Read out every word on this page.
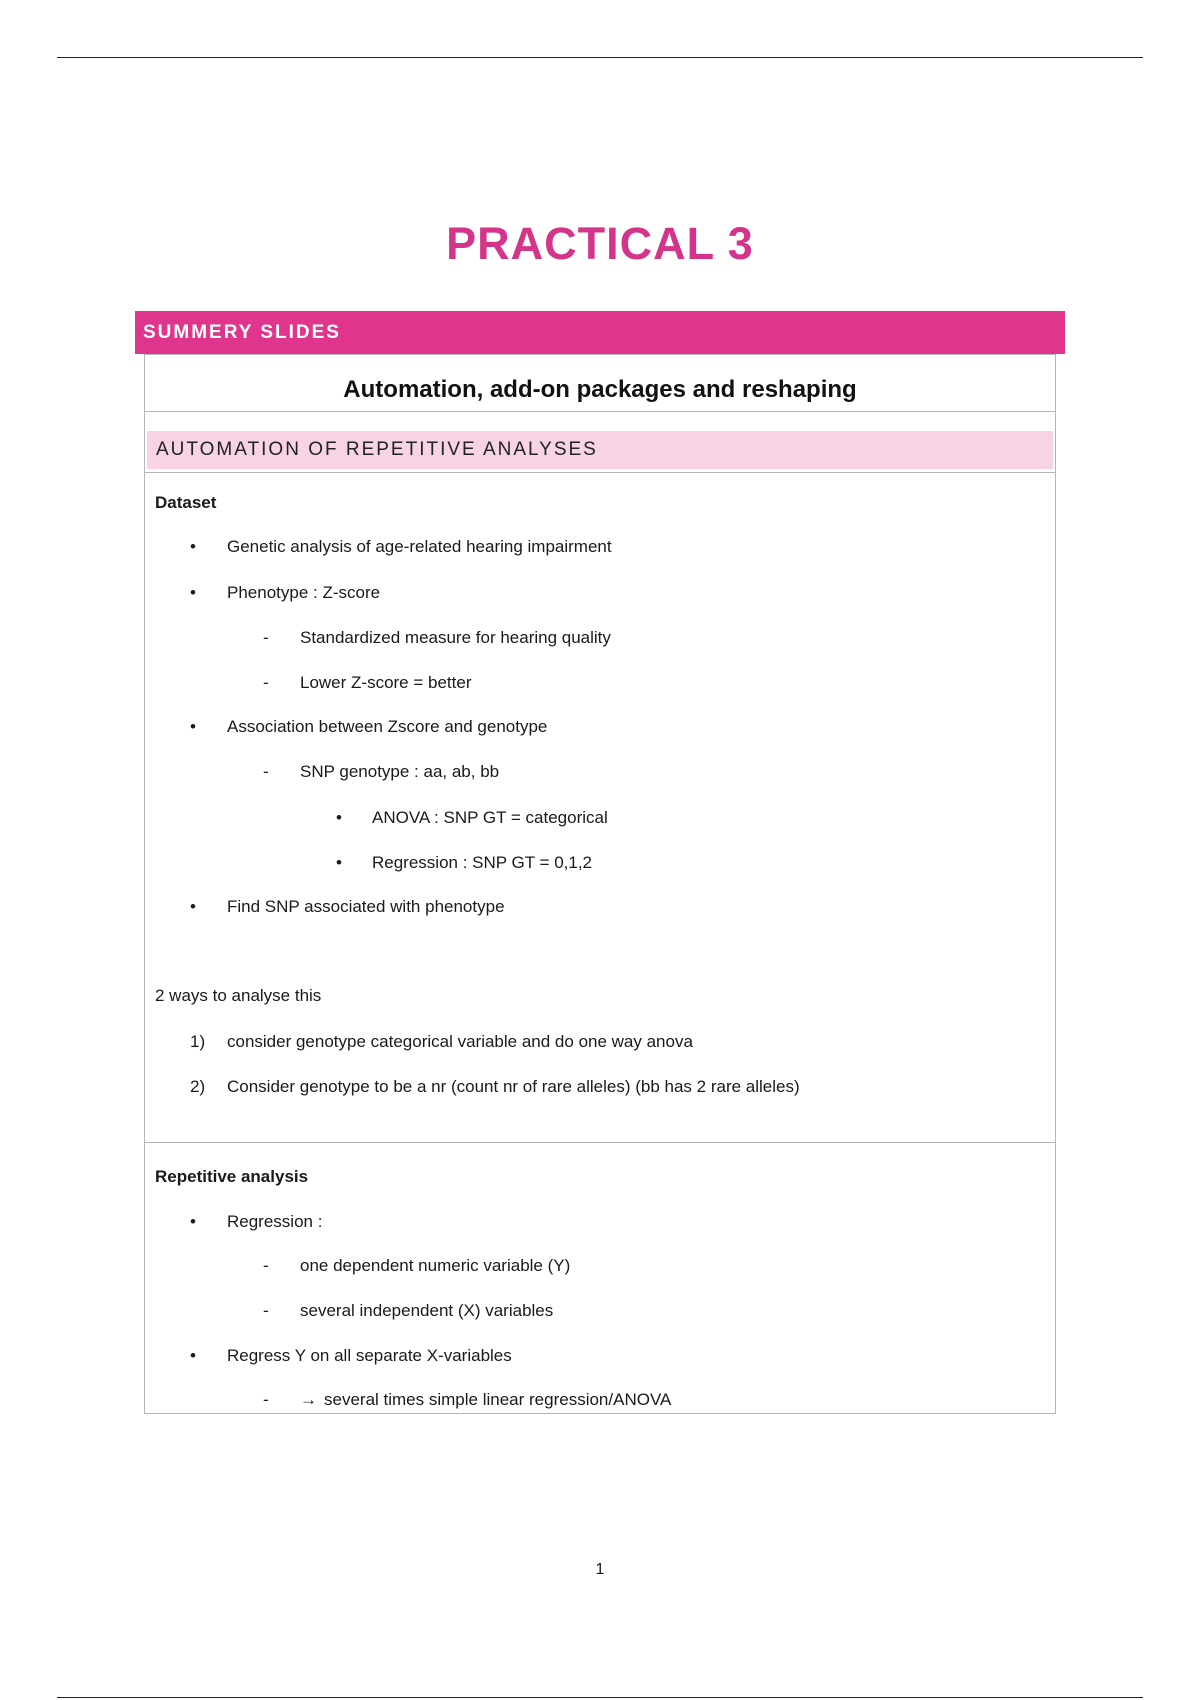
PRACTICAL 3
SUMMERY SLIDES
Automation, add-on packages and reshaping
AUTOMATION OF REPETITIVE ANALYSES
Dataset
• Genetic analysis of age-related hearing impairment
• Phenotype : Z-score
- Standardized measure for hearing quality
- Lower Z-score = better
• Association between Zscore and genotype
- SNP genotype : aa, ab, bb
• ANOVA : SNP GT = categorical
• Regression : SNP GT = 0,1,2
• Find SNP associated with phenotype
2 ways to analyse this
1) consider genotype categorical variable and do one way anova
2) Consider genotype to be a nr (count nr of rare alleles) (bb has 2 rare alleles)
Repetitive analysis
• Regression :
- one dependent numeric variable (Y)
- several independent (X) variables
• Regress Y on all separate X-variables
- → several times simple linear regression/ANOVA
1
